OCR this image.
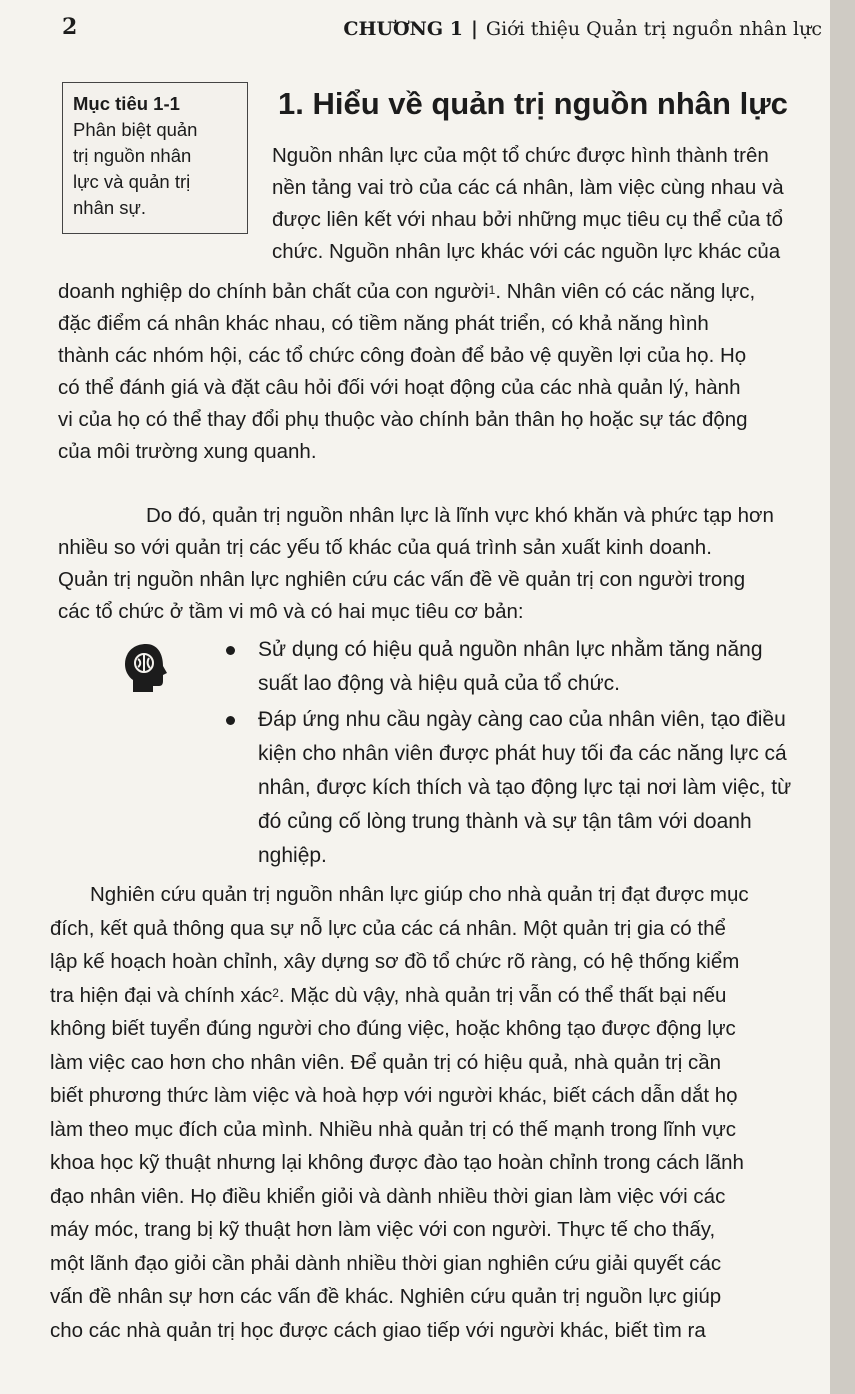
2	CHƯƠNG 1 | Giới thiệu Quản trị nguồn nhân lực
Mục tiêu 1-1
Phân biệt quản
trị nguồn nhân
lực và quản trị
nhân sự.
1. Hiểu về quản trị nguồn nhân lực
Nguồn nhân lực của một tổ chức được hình thành trên
nền tảng vai trò của các cá nhân, làm việc cùng nhau và
được liên kết với nhau bởi những mục tiêu cụ thể của tổ
chức. Nguồn nhân lực khác với các nguồn lực khác của
doanh nghiệp do chính bản chất của con người$^1$. Nhân viên có các năng lực,
đặc điểm cá nhân khác nhau, có tiềm năng phát triển, có khả năng hình
thành các nhóm hội, các tổ chức công đoàn để bảo vệ quyền lợi của họ. Họ
có thể đánh giá và đặt câu hỏi đối với hoạt động của các nhà quản lý, hành
vi của họ có thể thay đổi phụ thuộc vào chính bản thân họ hoặc sự tác động
của môi trường xung quanh.
Do đó, quản trị nguồn nhân lực là lĩnh vực khó khăn và phức tạp hơn
nhiều so với quản trị các yếu tố khác của quá trình sản xuất kinh doanh.
Quản trị nguồn nhân lực nghiên cứu các vấn đề về quản trị con người trong
các tổ chức ở tầm vi mô và có hai mục tiêu cơ bản:
Sử dụng có hiệu quả nguồn nhân lực nhằm tăng năng
suất lao động và hiệu quả của tổ chức.
Đáp ứng nhu cầu ngày càng cao của nhân viên, tạo điều
kiện cho nhân viên được phát huy tối đa các năng lực cá
nhân, được kích thích và tạo động lực tại nơi làm việc, từ
đó củng cố lòng trung thành và sự tận tâm với doanh
nghiệp.
Nghiên cứu quản trị nguồn nhân lực giúp cho nhà quản trị đạt được mục
đích, kết quả thông qua sự nỗ lực của các cá nhân. Một quản trị gia có thể
lập kế hoạch hoàn chỉnh, xây dựng sơ đồ tổ chức rõ ràng, có hệ thống kiểm
tra hiện đại và chính xác$^2$. Mặc dù vậy, nhà quản trị vẫn có thể thất bại nếu
không biết tuyển đúng người cho đúng việc, hoặc không tạo được động lực
làm việc cao hơn cho nhân viên. Để quản trị có hiệu quả, nhà quản trị cần
biết phương thức làm việc và hoà hợp với người khác, biết cách dẫn dắt họ
làm theo mục đích của mình. Nhiều nhà quản trị có thế mạnh trong lĩnh vực
khoa học kỹ thuật nhưng lại không được đào tạo hoàn chỉnh trong cách lãnh
đạo nhân viên. Họ điều khiển giỏi và dành nhiều thời gian làm việc với các
máy móc, trang bị kỹ thuật hơn làm việc với con người. Thực tế cho thấy,
một lãnh đạo giỏi cần phải dành nhiều thời gian nghiên cứu giải quyết các
vấn đề nhân sự hơn các vấn đề khác. Nghiên cứu quản trị nguồn lực giúp
cho các nhà quản trị học được cách giao tiếp với người khác, biết tìm ra
